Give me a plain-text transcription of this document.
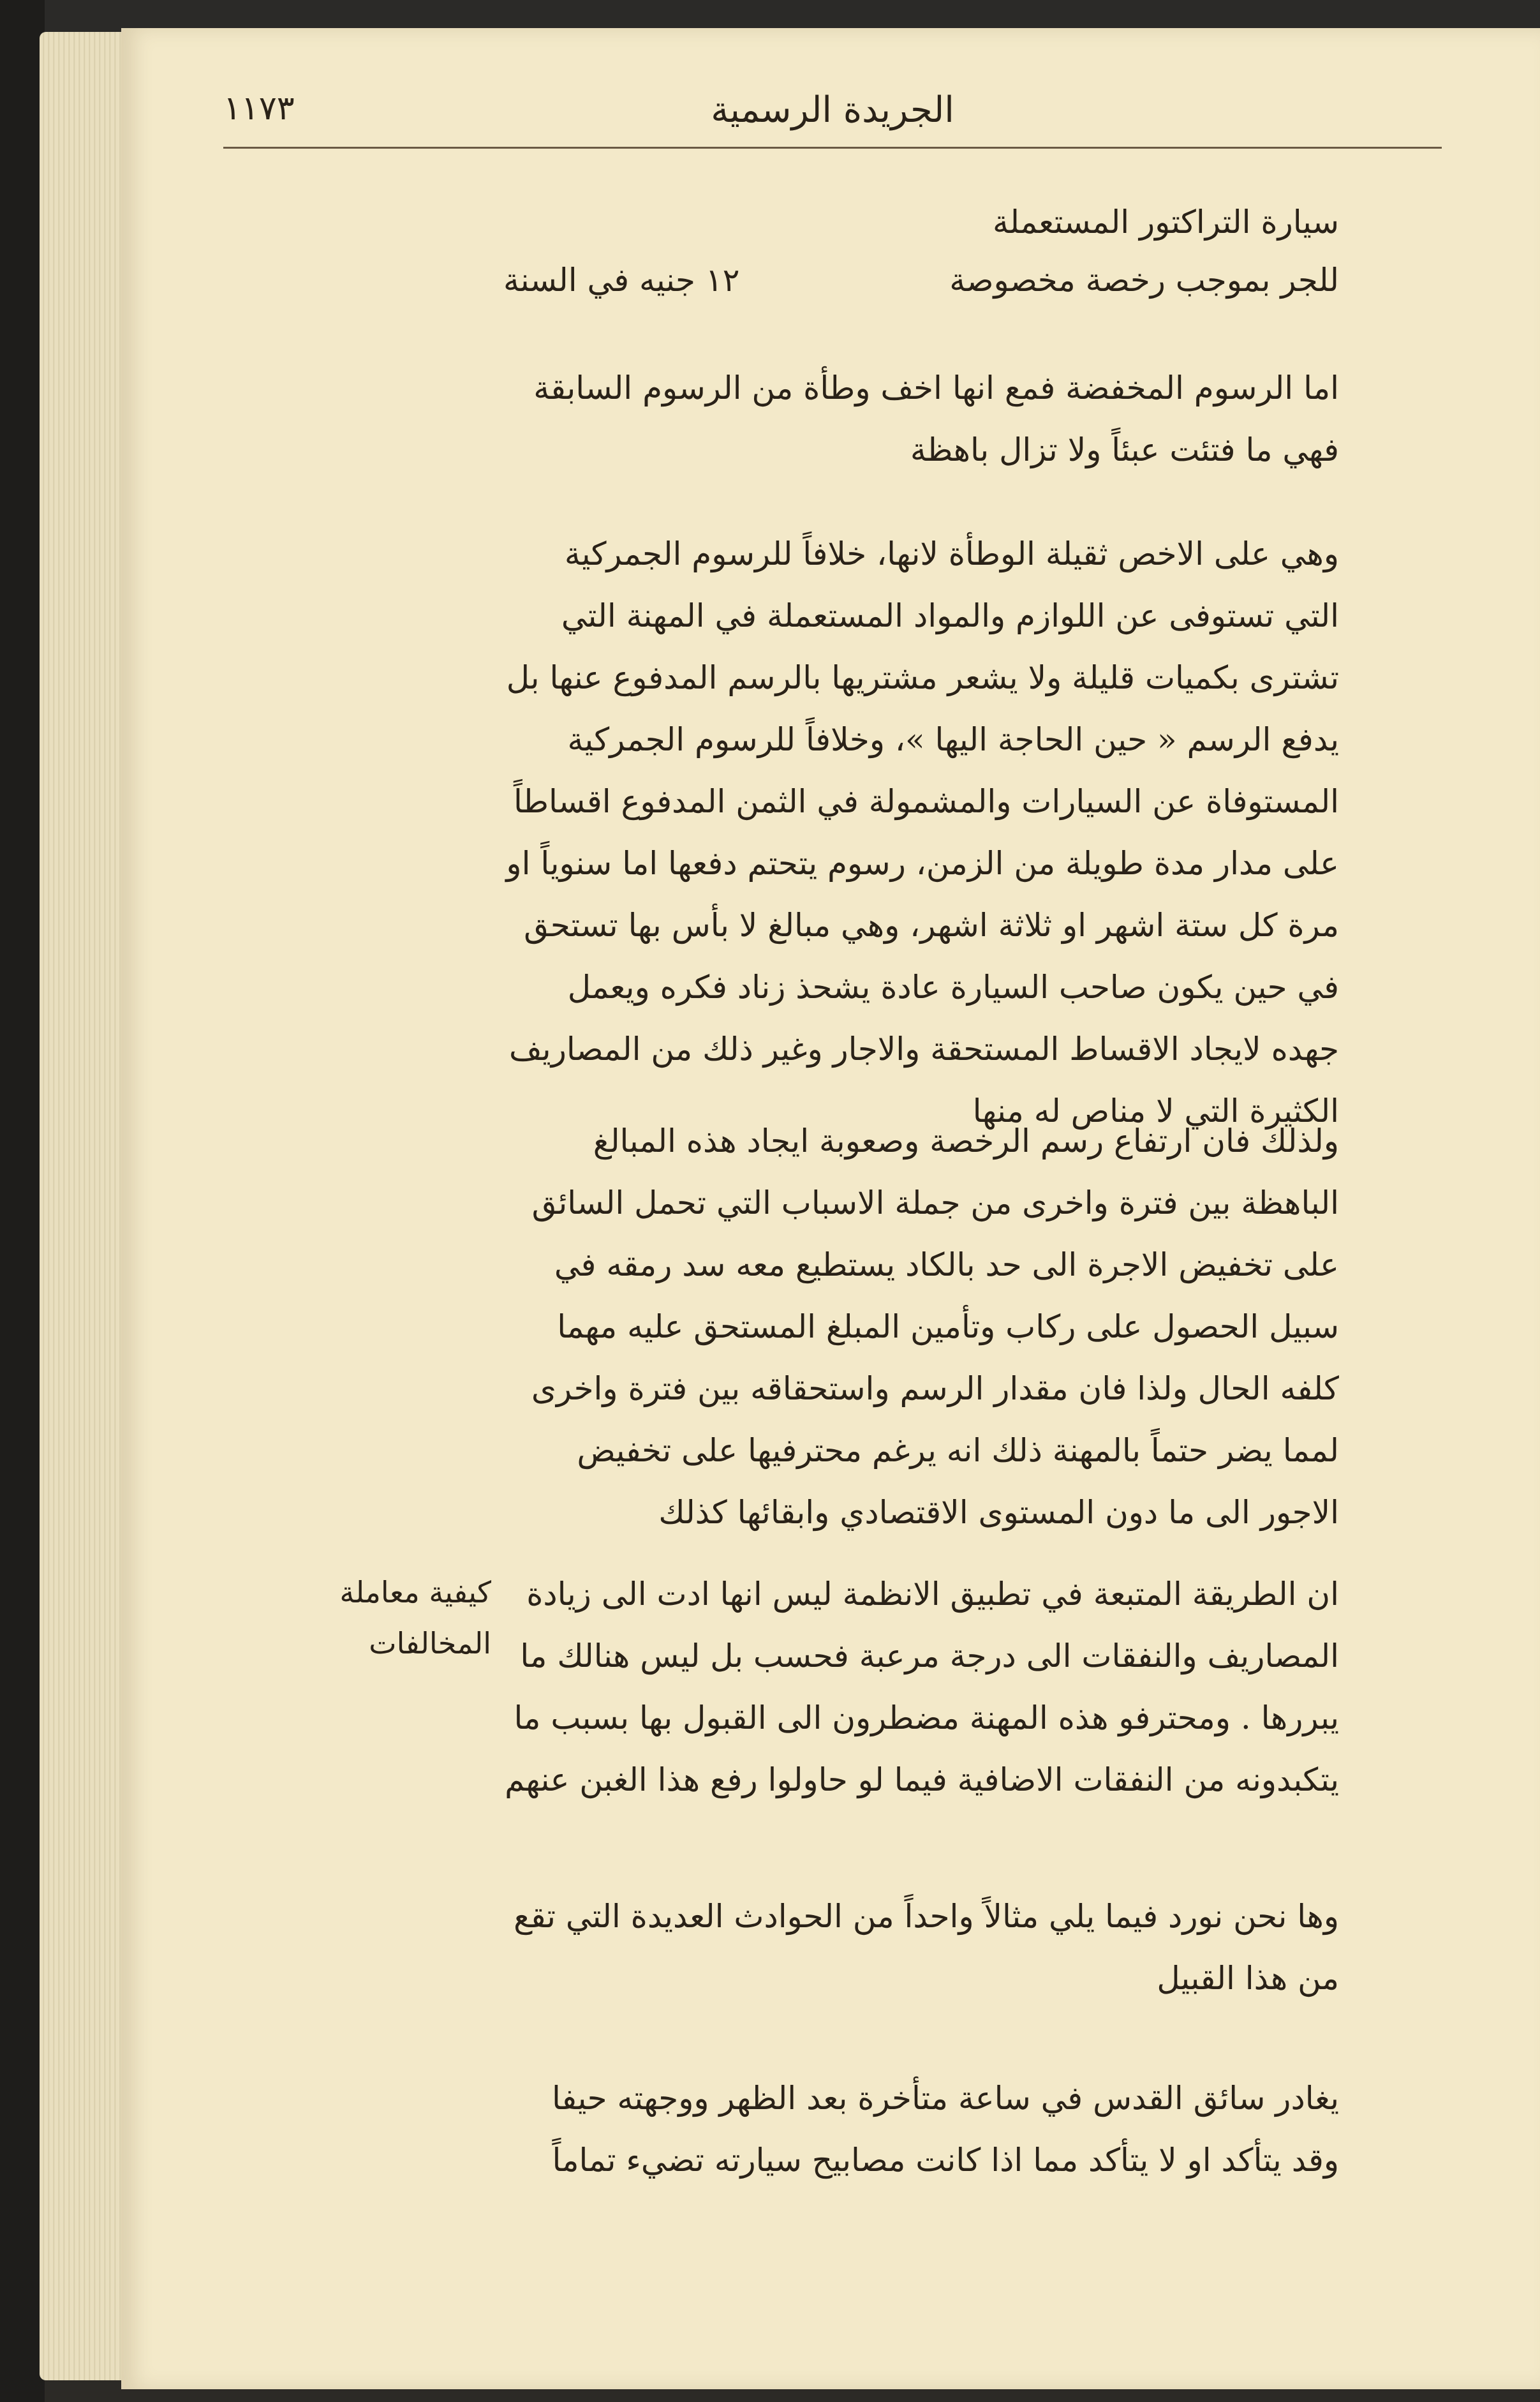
١١٧٣	الجريدة الرسمية
سيارة التراكتور المستعملة
للجر بموجب رخصة مخصوصة
١٢ جنيه في السنة

اما الرسوم المخفضة فمع انها اخف وطأة من الرسوم السابقة فهي ما فتئت عبئاً ولا تزال باهظة

وهي على الاخص ثقيلة الوطأة لانها، خلافاً للرسوم الجمركية التي تستوفى عن اللوازم والمواد المستعملة في المهنة التي تشترى بكميات قليلة ولا يشعر مشتريها بالرسم المدفوع عنها بل يدفع الرسم « حين الحاجة اليها »، وخلافاً للرسوم الجمركية المستوفاة عن السيارات والمشمولة في الثمن المدفوع اقساطاً على مدار مدة طويلة من الزمن، رسوم يتحتم دفعها اما سنوياً او مرة كل ستة اشهر او ثلاثة اشهر، وهي مبالغ لا بأس بها تستحق في حين يكون صاحب السيارة عادة يشحذ زناد فكره ويعمل جهده لايجاد الاقساط المستحقة والاجار وغير ذلك من المصاريف الكثيرة التي لا مناص له منها

ولذلك فان ارتفاع رسم الرخصة وصعوبة ايجاد هذه المبالغ الباهظة بين فترة واخرى من جملة الاسباب التي تحمل السائق على تخفيض الاجرة الى حد بالكاد يستطيع معه سد رمقه في سبيل الحصول على ركاب وتأمين المبلغ المستحق عليه مهما كلفه الحال ولذا فان مقدار الرسم واستحقاقه بين فترة واخرى لمما يضر حتماً بالمهنة ذلك انه يرغم محترفيها على تخفيض الاجور الى ما دون المستوى الاقتصادي وابقائها كذلك

ان الطريقة المتبعة في تطبيق الانظمة ليس انها ادت الى زيادة المصاريف والنفقات الى درجة مرعبة فحسب بل ليس هنالك ما يبررها . ومحترفو هذه المهنة مضطرون الى القبول بها بسبب ما يتكبدونه من النفقات الاضافية فيما لو حاولوا رفع هذا الغبن عنهم

كيفية معاملة المخالفات

وها نحن نورد فيما يلي مثالاً واحداً من الحوادث العديدة التي تقع من هذا القبيل

يغادر سائق القدس في ساعة متأخرة بعد الظهر ووجهته حيفا وقد يتأكد او لا يتأكد مما اذا كانت مصابيح سيارته تضيء تماماً
